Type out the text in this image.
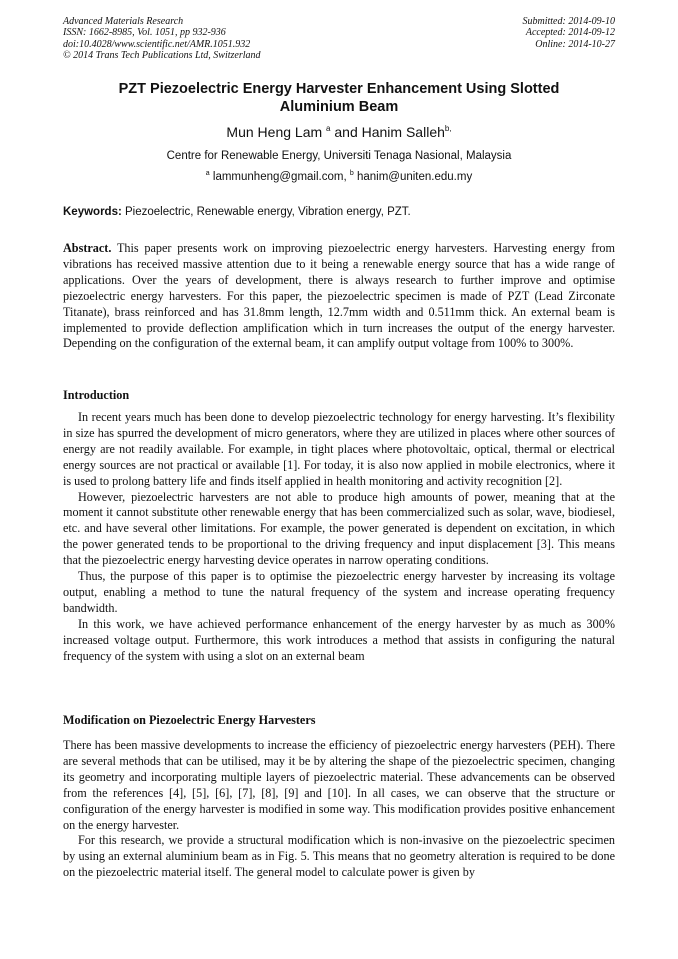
Advanced Materials Research
ISSN: 1662-8985, Vol. 1051, pp 932-936
doi:10.4028/www.scientific.net/AMR.1051.932
© 2014 Trans Tech Publications Ltd, Switzerland
Submitted: 2014-09-10
Accepted: 2014-09-12
Online: 2014-10-27
PZT Piezoelectric Energy Harvester Enhancement Using Slotted
Aluminium Beam
Mun Heng Lam $^a$ and Hanim Salleh$^{b,}$
Centre for Renewable Energy, Universiti Tenaga Nasional, Malaysia
$^a$ lammunheng@gmail.com, $^b$ hanim@uniten.edu.my
Keywords: Piezoelectric, Renewable energy, Vibration energy, PZT.
Abstract. This paper presents work on improving piezoelectric energy harvesters. Harvesting energy from vibrations has received massive attention due to it being a renewable energy source that has a wide range of applications. Over the years of development, there is always research to further improve and optimise piezoelectric energy harvesters. For this paper, the piezoelectric specimen is made of PZT (Lead Zirconate Titanate), brass reinforced and has 31.8mm length, 12.7mm width and 0.511mm thick. An external beam is implemented to provide deflection amplification which in turn increases the output of the energy harvester. Depending on the configuration of the external beam, it can amplify output voltage from 100% to 300%.
Introduction

In recent years much has been done to develop piezoelectric technology for energy harvesting. It’s flexibility in size has spurred the development of micro generators, where they are utilized in places where other sources of energy are not readily available. For example, in tight places where photovoltaic, optical, thermal or electrical energy sources are not practical or available [1]. For today, it is also now applied in mobile electronics, where it is used to prolong battery life and finds itself applied in health monitoring and activity recognition [2].

However, piezoelectric harvesters are not able to produce high amounts of power, meaning that at the moment it cannot substitute other renewable energy that has been commercialized such as solar, wave, biodiesel, etc. and have several other limitations. For example, the power generated is dependent on excitation, in which the power generated tends to be proportional to the driving frequency and input displacement [3]. This means that the piezoelectric energy harvesting device operates in narrow operating conditions.

Thus, the purpose of this paper is to optimise the piezoelectric energy harvester by increasing its voltage output, enabling a method to tune the natural frequency of the system and increase operating frequency bandwidth.

In this work, we have achieved performance enhancement of the energy harvester by as much as 300% increased voltage output. Furthermore, this work introduces a method that assists in configuring the natural frequency of the system with using a slot on an external beam

Modification on Piezoelectric Energy Harvesters

There has been massive developments to increase the efficiency of piezoelectric energy harvesters (PEH). There are several methods that can be utilised, may it be by altering the shape of the piezoelectric specimen, changing its geometry and incorporating multiple layers of piezoelectric material. These advancements can be observed from the references [4], [5], [6], [7], [8], [9] and [10]. In all cases, we can observe that the structure or configuration of the energy harvester is modified in some way. This modification provides positive enhancement on the energy harvester.

For this research, we provide a structural modification which is non-invasive on the piezoelectric specimen by using an external aluminium beam as in Fig. 5. This means that no geometry alteration is required to be done on the piezoelectric material itself. The general model to calculate power is given by
